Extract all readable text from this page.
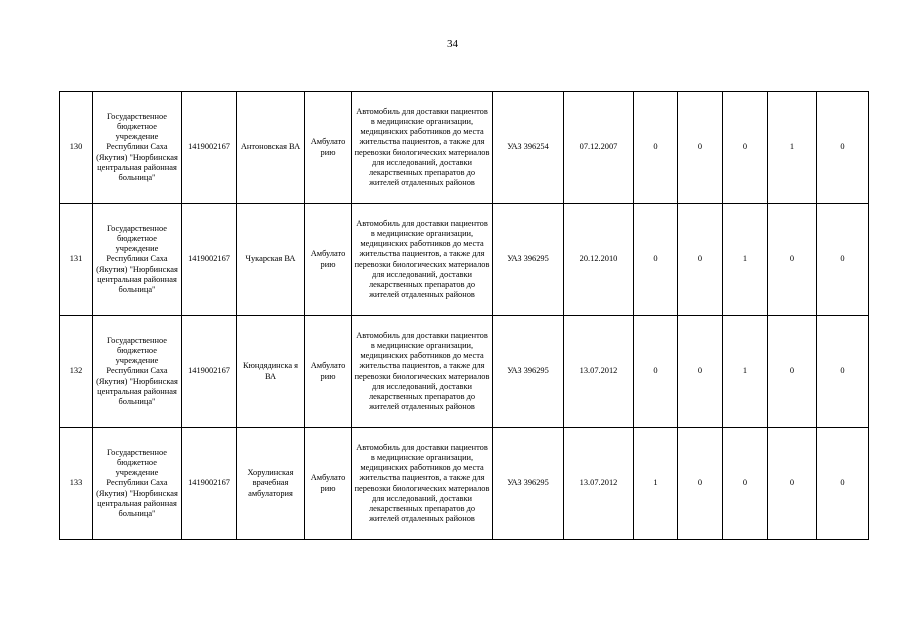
34
130	Государственное бюджетное учреждение Республики Саха (Якутия) "Нюрбинская центральная районная больница"	1419002167	Антоновская ВА	Амбулато рию	Автомобиль для доставки пациентов в медицинские организации, медицинских работников до места жительства пациентов, а также для перевозки биологических материалов для исследований, доставки лекарственных препаратов до жителей отдаленных районов	УАЗ 396254	07.12.2007	0	0	0	1	0
131	Государственное бюджетное учреждение Республики Саха (Якутия) "Нюрбинская центральная районная больница"	1419002167	Чукарская ВА	Амбулато рию	Автомобиль для доставки пациентов в медицинские организации, медицинских работников до места жительства пациентов, а также для перевозки биологических материалов для исследований, доставки лекарственных препаратов до жителей отдаленных районов	УАЗ 396295	20.12.2010	0	0	1	0	0
132	Государственное бюджетное учреждение Республики Саха (Якутия) "Нюрбинская центральная районная больница"	1419002167	Кюндядинска я ВА	Амбулато рию	Автомобиль для доставки пациентов в медицинские организации, медицинских работников до места жительства пациентов, а также для перевозки биологических материалов для исследований, доставки лекарственных препаратов до жителей отдаленных районов	УАЗ 396295	13.07.2012	0	0	1	0	0
133	Государственное бюджетное учреждение Республики Саха (Якутия) "Нюрбинская центральная районная больница"	1419002167	Хорулинская врачебная амбулатория	Амбулато рию	Автомобиль для доставки пациентов в медицинские организации, медицинских работников до места жительства пациентов, а также для перевозки биологических материалов для исследований, доставки лекарственных препаратов до жителей отдаленных районов	УАЗ 396295	13.07.2012	1	0	0	0	0
